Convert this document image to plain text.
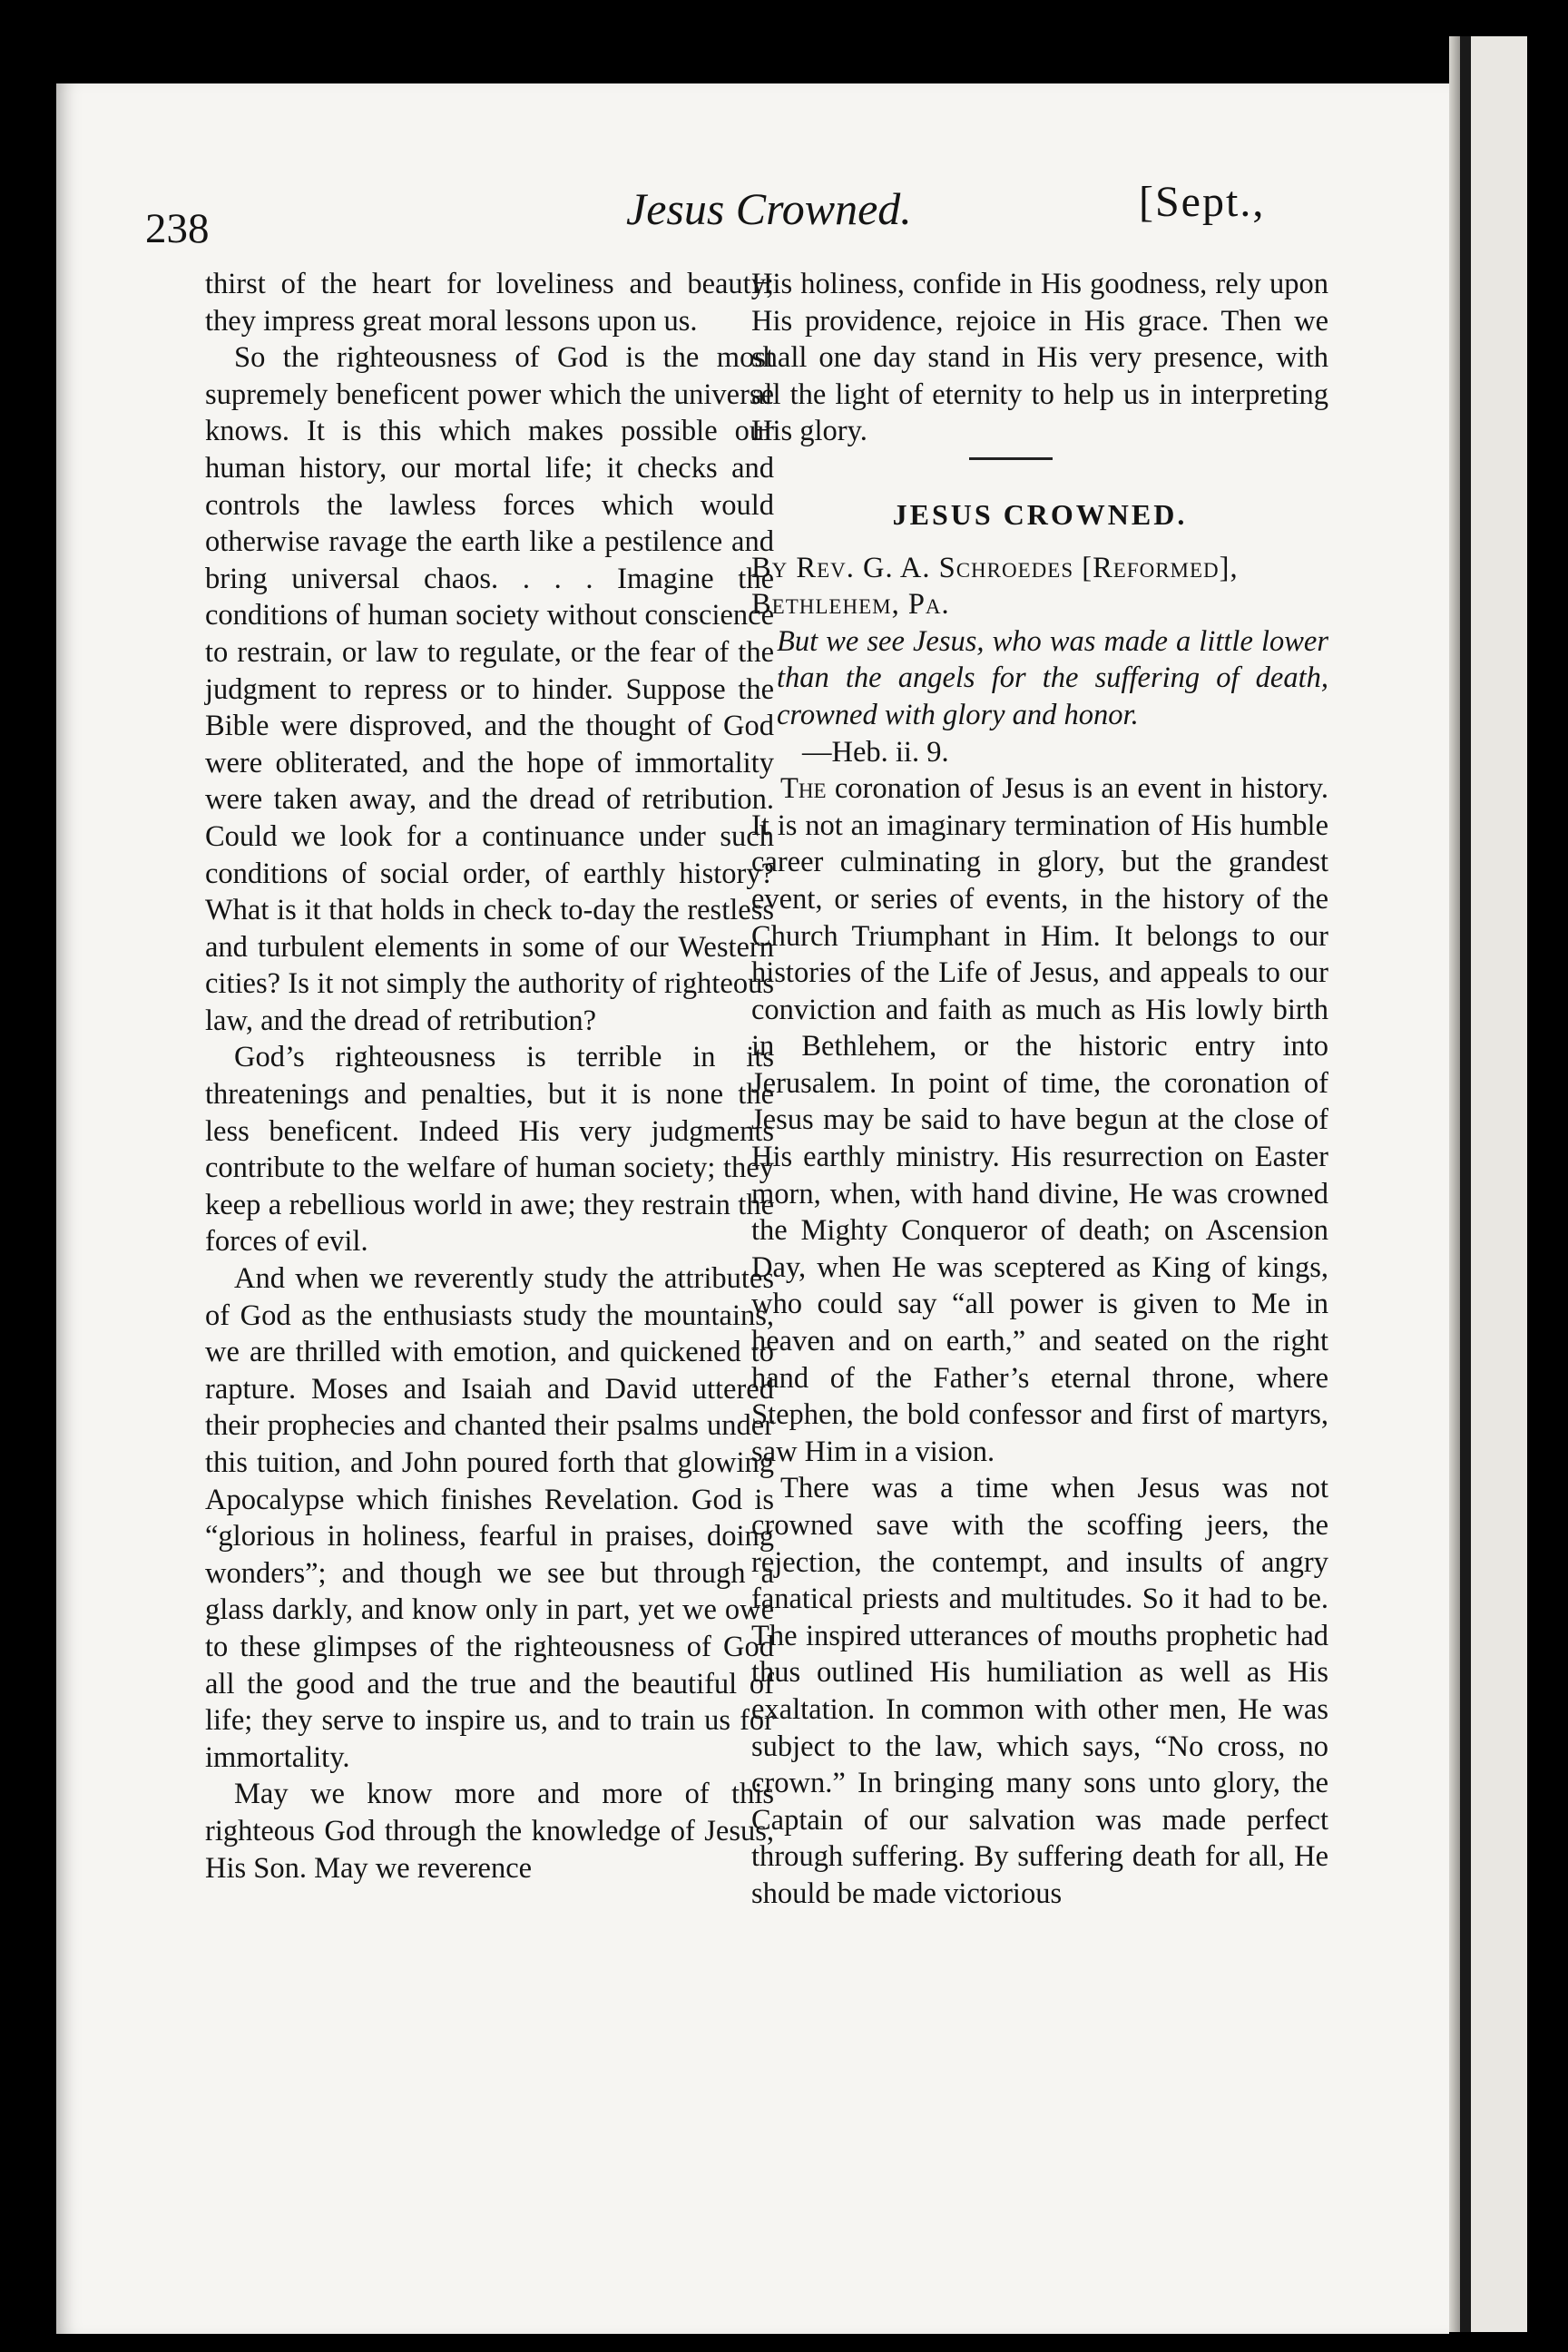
238	Jesus Crowned.	[Sept.,

thirst of the heart for loveliness and beauty; they impress great moral lessons upon us.

So the righteousness of God is the most supremely beneficent power which the universe knows. It is this which makes possible our human history, our mortal life; it checks and controls the lawless forces which would otherwise ravage the earth like a pestilence and bring universal chaos. . . . Imagine the conditions of human society without conscience to restrain, or law to regulate, or the fear of the judgment to repress or to hinder. Suppose the Bible were disproved, and the thought of God were obliterated, and the hope of immortality were taken away, and the dread of retribution. Could we look for a continuance under such conditions of social order, of earthly history? What is it that holds in check to-day the restless and turbulent elements in some of our Western cities? Is it not simply the authority of righteous law, and the dread of retribution?

God’s righteousness is terrible in its threatenings and penalties, but it is none the less beneficent. Indeed His very judgments contribute to the welfare of human society; they keep a rebellious world in awe; they restrain the forces of evil.

And when we reverently study the attributes of God as the enthusiasts study the mountains, we are thrilled with emotion, and quickened to rapture. Moses and Isaiah and David uttered their prophecies and chanted their psalms under this tuition, and John poured forth that glowing Apocalypse which finishes Revelation. God is “glorious in holiness, fearful in praises, doing wonders”; and though we see but through a glass darkly, and know only in part, yet we owe to these glimpses of the righteousness of God all the good and the true and the beautiful of life; they serve to inspire us, and to train us for immortality.

May we know more and more of this righteous God through the knowledge of Jesus, His Son. May we reverence

His holiness, confide in His goodness, rely upon His providence, rejoice in His grace. Then we shall one day stand in His very presence, with all the light of eternity to help us in interpreting His glory.

JESUS CROWNED.

By Rev. G. A. Schroedes [Reformed], Bethlehem, Pa.

But we see Jesus, who was made a little lower than the angels for the suffering of death, crowned with glory and honor.
—Heb. ii. 9.

The coronation of Jesus is an event in history. It is not an imaginary termination of His humble career culminating in glory, but the grandest event, or series of events, in the history of the Church Triumphant in Him. It belongs to our histories of the Life of Jesus, and appeals to our conviction and faith as much as His lowly birth in Bethlehem, or the historic entry into Jerusalem. In point of time, the coronation of Jesus may be said to have begun at the close of His earthly ministry. His resurrection on Easter morn, when, with hand divine, He was crowned the Mighty Conqueror of death; on Ascension Day, when He was sceptered as King of kings, who could say “all power is given to Me in heaven and on earth,” and seated on the right hand of the Father’s eternal throne, where Stephen, the bold confessor and first of martyrs, saw Him in a vision.

There was a time when Jesus was not crowned save with the scoffing jeers, the rejection, the contempt, and insults of angry fanatical priests and multitudes. So it had to be. The inspired utterances of mouths prophetic had thus outlined His humiliation as well as His exaltation. In common with other men, He was subject to the law, which says, “No cross, no crown.” In bringing many sons unto glory, the Captain of our salvation was made perfect through suffering. By suffering death for all, He should be made victorious
